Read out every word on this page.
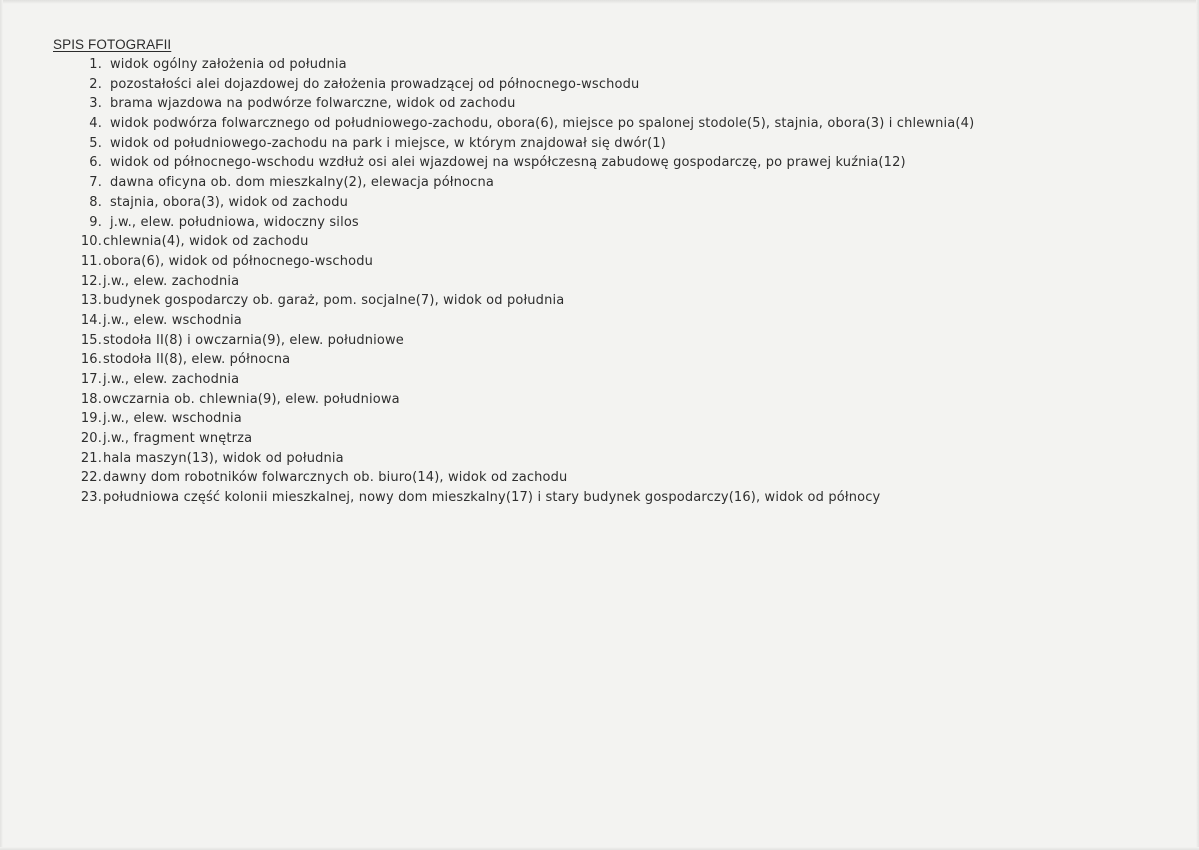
SPIS FOTOGRAFII
1. widok ogólny założenia od południa
2. pozostałości alei dojazdowej do założenia prowadzącej od północnego-wschodu
3. brama wjazdowa na podwórze folwarczne, widok od zachodu
4. widok podwórza folwarcznego od południowego-zachodu, obora(6), miejsce po spalonej stodole(5), stajnia, obora(3) i chlewnia(4)
5. widok od południowego-zachodu na park i miejsce, w którym znajdował się dwór(1)
6. widok od północnego-wschodu wzdłuż osi alei wjazdowej na współczesną zabudowę gospodarczę, po prawej kuźnia(12)
7. dawna oficyna ob. dom mieszkalny(2), elewacja północna
8. stajnia, obora(3), widok od zachodu
9. j.w., elew. południowa, widoczny silos
10.chlewnia(4), widok od zachodu
11.obora(6), widok od północnego-wschodu
12.j.w., elew. zachodnia
13.budynek gospodarczy ob. garaż, pom. socjalne(7), widok od południa
14.j.w., elew. wschodnia
15.stodoła II(8) i owczarnia(9), elew. południowe
16.stodoła II(8), elew. północna
17.j.w., elew. zachodnia
18.owczarnia ob. chlewnia(9), elew. południowa
19.j.w., elew. wschodnia
20.j.w., fragment wnętrza
21.hala maszyn(13), widok od południa
22.dawny dom robotników folwarcznych ob. biuro(14), widok od zachodu
23.południowa część kolonii mieszkalnej, nowy dom mieszkalny(17) i stary budynek gospodarczy(16), widok od północy
